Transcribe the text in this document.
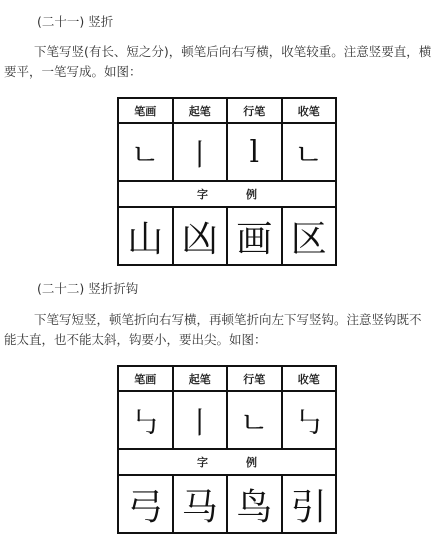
(二十一) 竖折
下笔写竖(有长、短之分)，顿笔后向右写横，收笔较重。注意竖要直，横要平，一笔写成。如图：
笔画	起笔	行笔	收笔
ㄴ	丨	l	ㄴ
字例			
山	凶	画	区
(二十二) 竖折折钩
下笔写短竖，顿笔折向右写横，再顿笔折向左下写竖钩。注意竖钩既不能太直，也不能太斜，钩要小，要出尖。如图：
笔画	起笔	行笔	收笔
㇉	丨	ㄴ	㇉
字例			
弓	马	鸟	引
